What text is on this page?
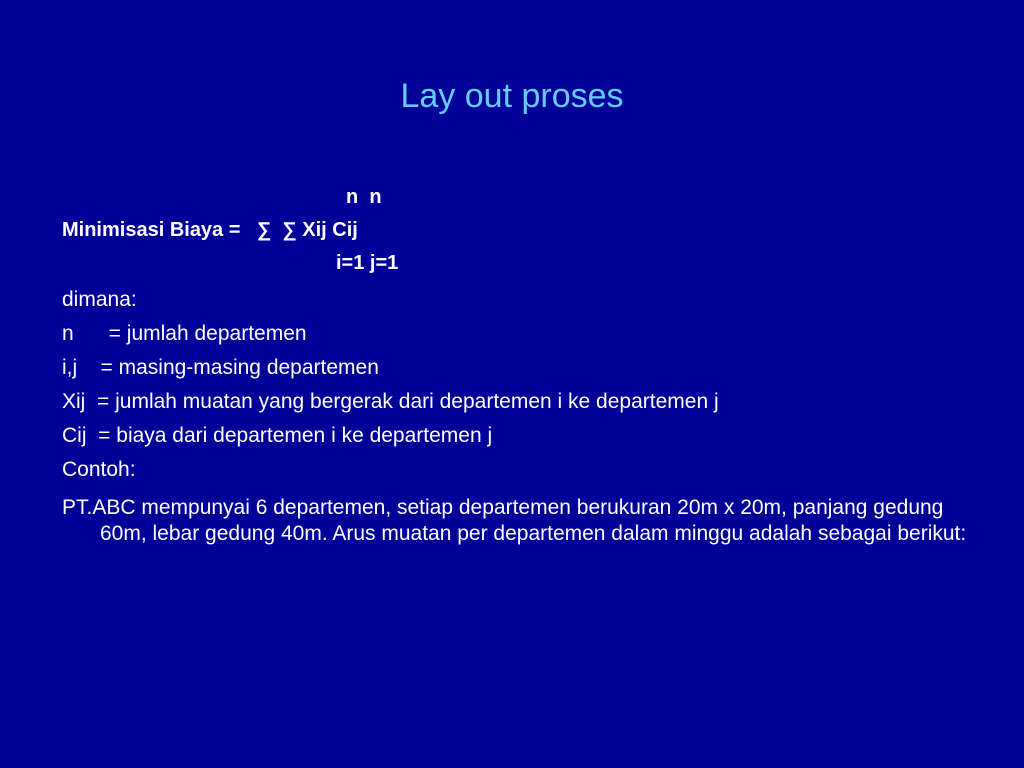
Lay out proses
n  n
Minimisasi Biaya =   ∑  ∑ Xij Cij
i=1 j=1
dimana:
n      = jumlah departemen
i,j    = masing-masing departemen
Xij  = jumlah muatan yang bergerak dari departemen i ke departemen j
Cij  = biaya dari departemen i ke departemen j
Contoh:
PT.ABC mempunyai 6 departemen, setiap departemen berukuran 20m x 20m, panjang gedung 60m, lebar gedung 40m. Arus muatan per departemen dalam minggu adalah sebagai berikut:
